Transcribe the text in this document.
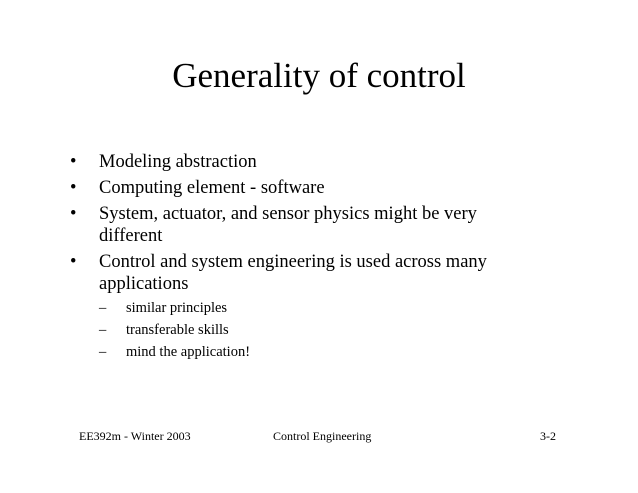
Generality of control
• Modeling abstraction
• Computing element - software
• System, actuator, and sensor physics might be very different
• Control and system engineering is used across many applications
– similar principles
– transferable skills
– mind the application!
EE392m - Winter 2003	Control Engineering	3-2
